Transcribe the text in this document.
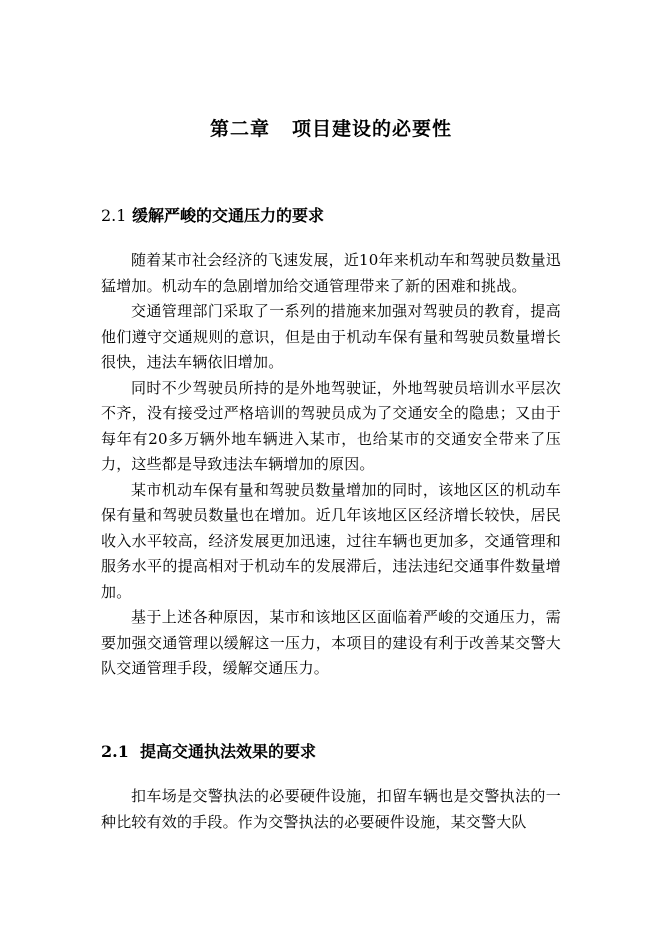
第二章 项目建设的必要性
2.1 缓解严峻的交通压力的要求

随着某市社会经济的飞速发展，近10年来机动车和驾驶员数量迅猛增加。机动车的急剧增加给交通管理带来了新的困难和挑战。

交通管理部门采取了一系列的措施来加强对驾驶员的教育，提高他们遵守交通规则的意识，但是由于机动车保有量和驾驶员数量增长很快，违法车辆依旧增加。

同时不少驾驶员所持的是外地驾驶证，外地驾驶员培训水平层次不齐，没有接受过严格培训的驾驶员成为了交通安全的隐患；又由于每年有20多万辆外地车辆进入某市，也给某市的交通安全带来了压力，这些都是导致违法车辆增加的原因。

某市机动车保有量和驾驶员数量增加的同时，该地区区的机动车保有量和驾驶员数量也在增加。近几年该地区区经济增长较快，居民收入水平较高，经济发展更加迅速，过往车辆也更加多，交通管理和服务水平的提高相对于机动车的发展滞后，违法违纪交通事件数量增加。

基于上述各种原因，某市和该地区区面临着严峻的交通压力，需要加强交通管理以缓解这一压力，本项目的建设有利于改善某交警大队交通管理手段，缓解交通压力。

2.1 提高交通执法效果的要求

扣车场是交警执法的必要硬件设施，扣留车辆也是交警执法的一种比较有效的手段。作为交警执法的必要硬件设施，某交警大队
